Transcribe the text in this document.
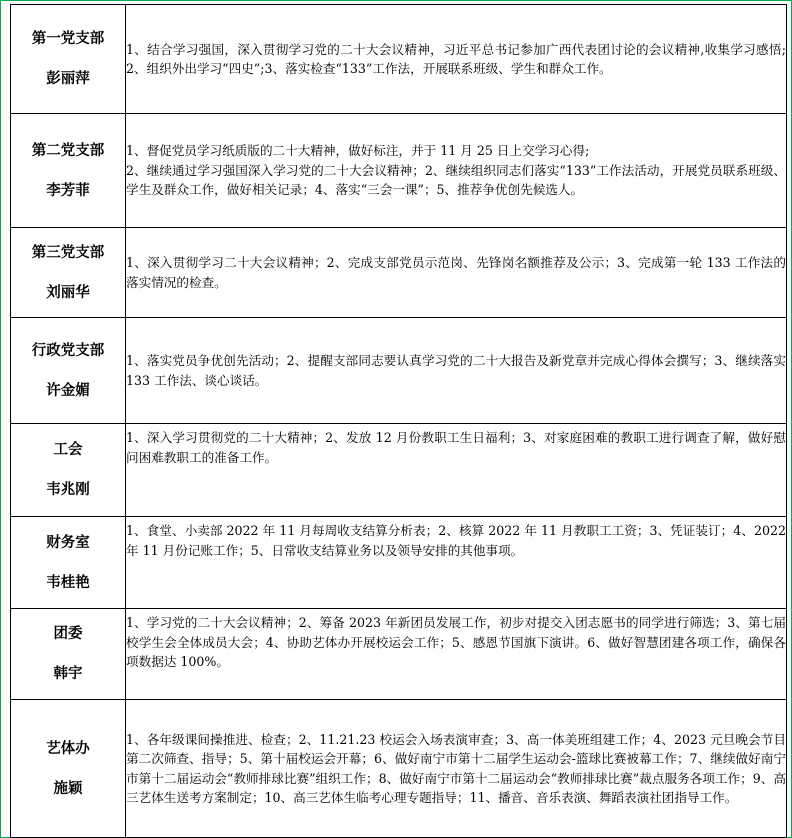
第一党支部
彭丽萍	1、结合学习强国，深入贯彻学习党的二十大会议精神，习近平总书记参加广西代表团讨论的会议精神,收集学习感悟;2、组织外出学习“四史”;3、落实检查“133”工作法，开展联系班级、学生和群众工作。

第二党支部
李芳菲	1、督促党员学习纸质版的二十大精神，做好标注，并于 11 月 25 日上交学习心得;
2、继续通过学习强国深入学习党的二十大会议精神；2、继续组织同志们落实“133”工作法活动，开展党员联系班级、学生及群众工作，做好相关记录；4、落实“三会一课”；5、推荐争优创先候选人。

第三党支部
刘丽华	1、深入贯彻学习二十大会议精神；2、完成支部党员示范岗、先锋岗名额推荐及公示；3、完成第一轮 133 工作法的落实情况的检查。

行政党支部
许金媚	1、落实党员争优创先活动；2、提醒支部同志要认真学习党的二十大报告及新党章并完成心得体会撰写；3、继续落实 133 工作法、谈心谈话。

工会
韦兆刚	1、深入学习贯彻党的二十大精神；2、发放 12 月份教职工生日福利；3、对家庭困难的教职工进行调查了解，做好慰问困难教职工的准备工作。

财务室
韦桂艳	1、食堂、小卖部 2022 年 11 月每周收支结算分析表；2、核算 2022 年 11 月教职工工资；3、凭证装订；4、2022 年 11 月份记账工作；5、日常收支结算业务以及领导安排的其他事项。

团委
韩宇	1、学习党的二十大会议精神；2、筹备 2023 年新团员发展工作，初步对提交入团志愿书的同学进行筛选；3、第七届校学生会全体成员大会；4、协助艺体办开展校运会工作；5、感恩节国旗下演讲。6、做好智慧团建各项工作，确保各项数据达 100%。

艺体办
施颖	1、各年级课间操推进、检查；2、11.21.23 校运会入场表演审查；3、高一体美班组建工作；4、2023 元旦晚会节目第二次筛查、指导；5、第十届校运会开幕；6、做好南宁市第十二届学生运动会-篮球比赛被幕工作；7、继续做好南宁市第十二届运动会“教师排球比赛”组织工作；8、做好南宁市第十二届运动会“教师排球比赛”裁点服务各项工作；9、高三艺体生送考方案制定；10、高三艺体生临考心理专题指导；11、播音、音乐表演、舞蹈表演社团指导工作。
